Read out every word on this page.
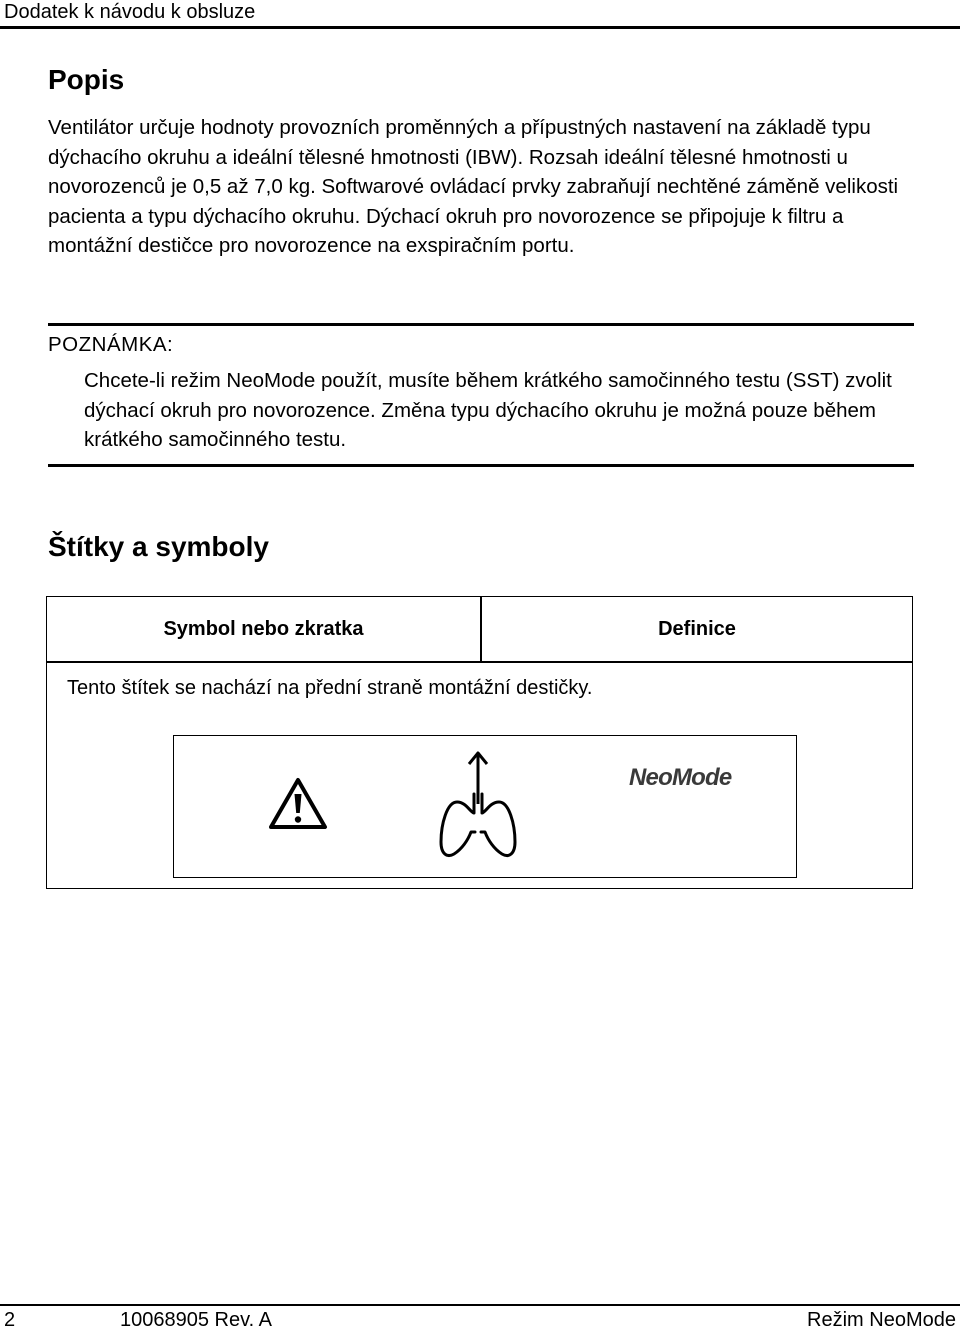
Dodatek k návodu k obsluze
Popis
Ventilátor určuje hodnoty provozních proměnných a přípustných nastavení na základě typu dýchacího okruhu a ideální tělesné hmotnosti (IBW). Rozsah ideální tělesné hmotnosti u novorozenců je 0,5 až 7,0 kg. Softwarové ovládací prvky zabraňují nechtěné záměně velikosti pacienta a typu dýchacího okruhu. Dýchací okruh pro novorozence se připojuje k filtru a montážní destičce pro novorozence na exspiračním portu.
POZNÁMKA:
Chcete-li režim NeoMode použít, musíte během krátkého samočinného testu (SST) zvolit dýchací okruh pro novorozence. Změna typu dýchacího okruhu je možná pouze během krátkého samočinného testu.
Štítky a symboly
Symbol nebo zkratka	Definice
Tento štítek se nachází na přední straně montážní destičky.
NeoMode
2	10068905 Rev. A	Režim NeoMode
